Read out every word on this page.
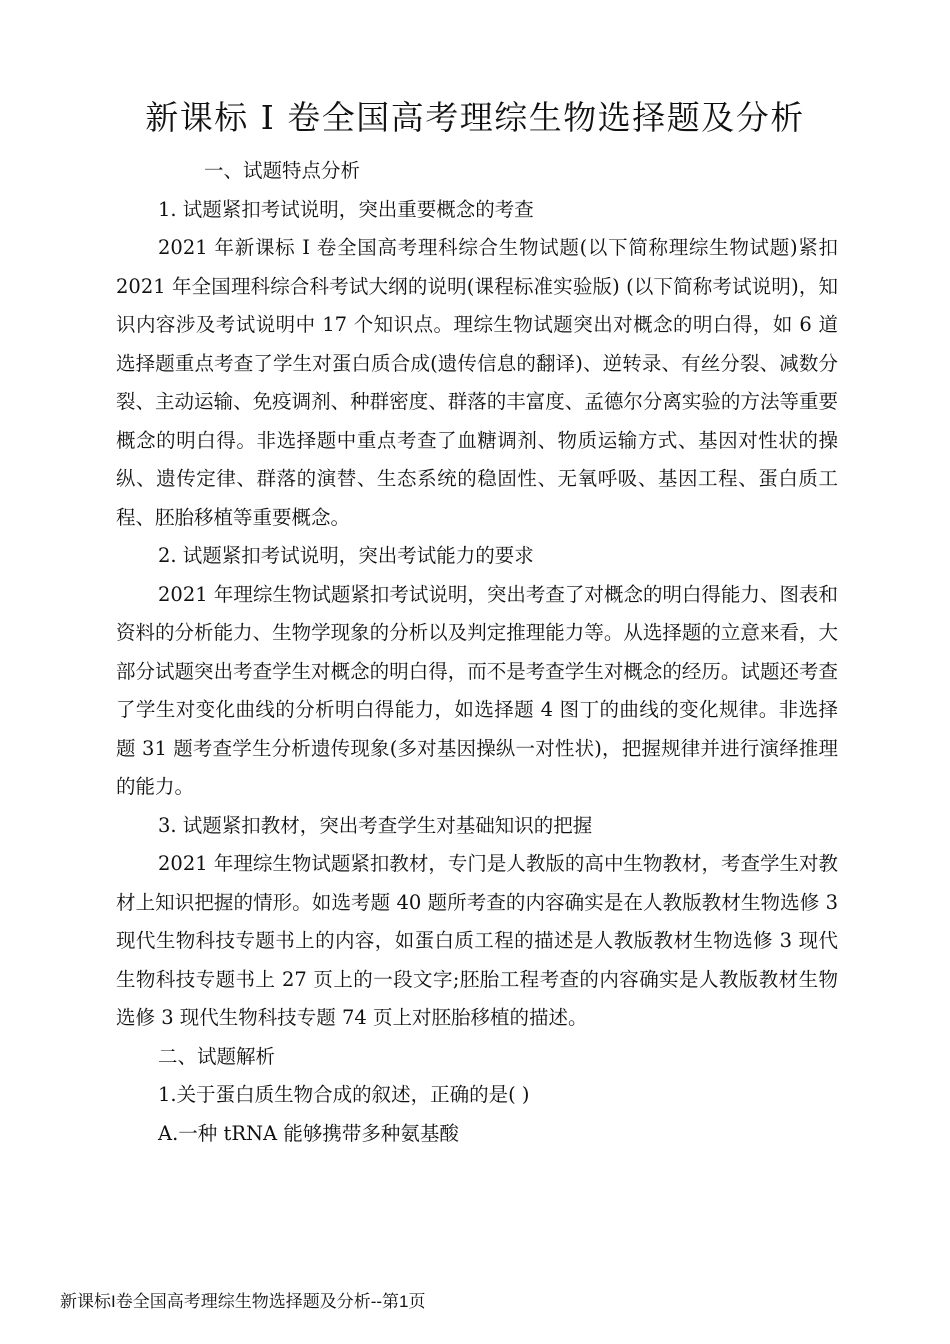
新课标 I 卷全国高考理综生物选择题及分析

一、试题特点分析

1. 试题紧扣考试说明，突出重要概念的考查

2021 年新课标 I 卷全国高考理科综合生物试题(以下简称理综生物试题)紧扣 2021 年全国理科综合科考试大纲的说明(课程标准实验版) (以下简称考试说明)，知识内容涉及考试说明中 17 个知识点。理综生物试题突出对概念的明白得，如 6 道选择题重点考查了学生对蛋白质合成(遗传信息的翻译)、逆转录、有丝分裂、减数分裂、主动运输、免疫调剂、种群密度、群落的丰富度、孟德尔分离实验的方法等重要概念的明白得。非选择题中重点考查了血糖调剂、物质运输方式、基因对性状的操纵、遗传定律、群落的演替、生态系统的稳固性、无氧呼吸、基因工程、蛋白质工程、胚胎移植等重要概念。

2. 试题紧扣考试说明，突出考试能力的要求

2021 年理综生物试题紧扣考试说明，突出考查了对概念的明白得能力、图表和资料的分析能力、生物学现象的分析以及判定推理能力等。从选择题的立意来看，大部分试题突出考查学生对概念的明白得，而不是考查学生对概念的经历。试题还考查了学生对变化曲线的分析明白得能力，如选择题 4 图丁的曲线的变化规律。非选择题 31 题考查学生分析遗传现象(多对基因操纵一对性状)，把握规律并进行演绎推理的能力。

3. 试题紧扣教材，突出考查学生对基础知识的把握

2021 年理综生物试题紧扣教材，专门是人教版的高中生物教材，考查学生对教材上知识把握的情形。如选考题 40 题所考查的内容确实是在人教版教材生物选修 3 现代生物科技专题书上的内容，如蛋白质工程的描述是人教版教材生物选修 3 现代生物科技专题书上 27 页上的一段文字;胚胎工程考查的内容确实是人教版教材生物选修 3 现代生物科技专题 74 页上对胚胎移植的描述。

二、试题解析

1.关于蛋白质生物合成的叙述，正确的是( )

A.一种 tRNA 能够携带多种氨基酸

新课标I卷全国高考理综生物选择题及分析--第1页
